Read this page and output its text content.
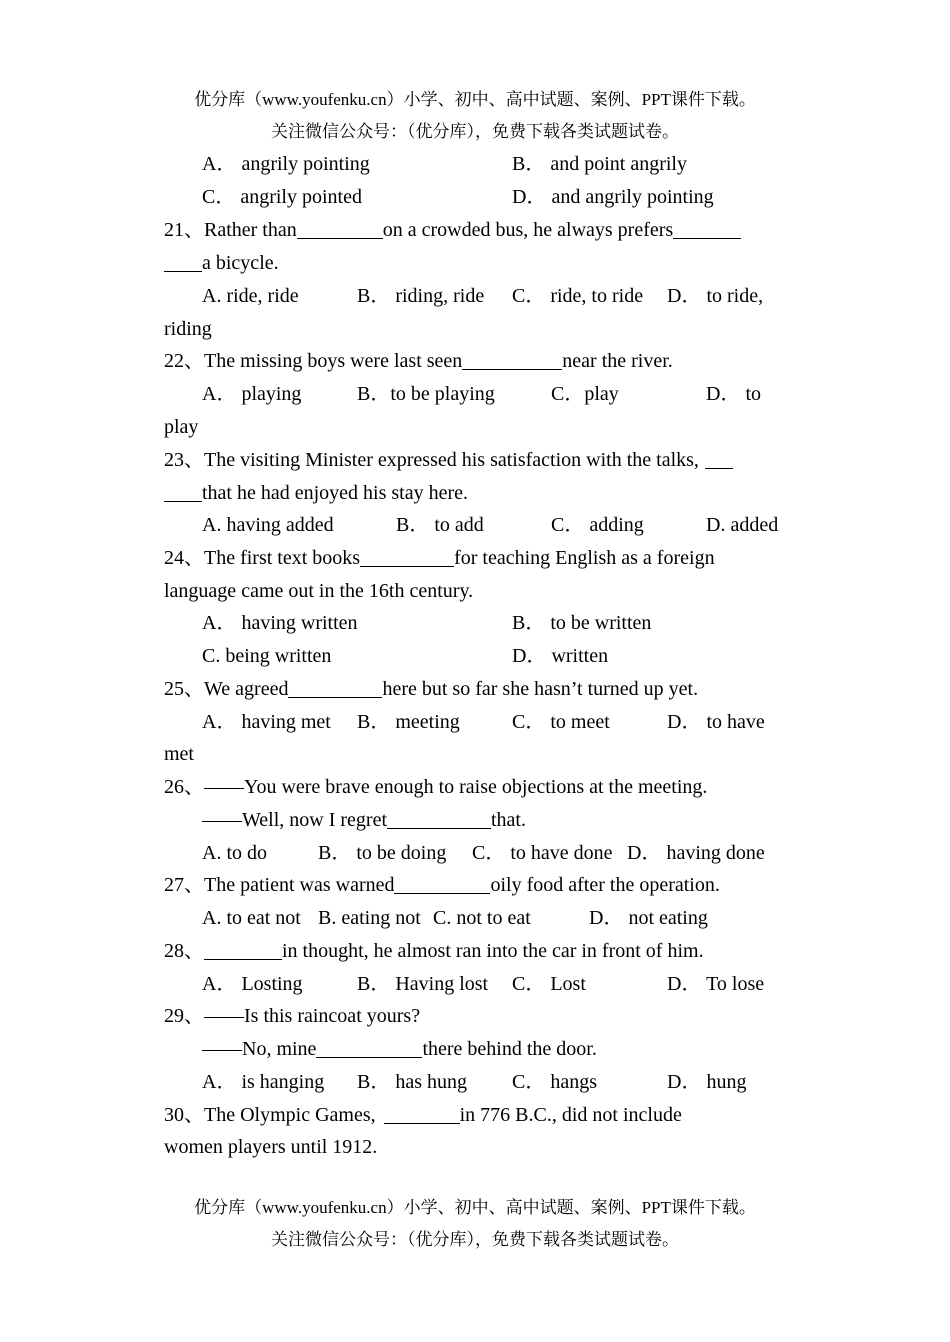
优分库（www.youfenku.cn）小学、初中、高中试题、案例、PPT课件下载。
关注微信公众号：（优分库），免费下载各类试题试卷。
A． angrily pointing	B． and point angrily
C． angrily pointed	D． and angrily pointing
21、Rather than	on a crowded bus, he always prefers
a bicycle.
A. ride, ride	B． riding, ride C． ride, to ride D． to ride,
riding
22、The missing boys were last seen	near the river.
A． playing	B．to be playing	C．play	D． to
play
23、The visiting Minister expressed his satisfaction with the talks,
that he had enjoyed his stay here.
A. having added	B． to add	C． adding	D. added
24、The first text books	for teaching English as a foreign
language came out in the 16th century.
A． having written	B． to be written
C. being written	D． written
25、We agreed	here but so far she hasn’t turned up yet.
A． having met B． meeting	C． to meet	D． to have
met
26、——You were brave enough to raise objections at the meeting.
——Well, now I regret	that.
A. to do	B． to be doing C． to have done D． having done
27、The patient was warned	oily food after the operation.
A. to eat not B. eating not C. not to eat	D． not eating
28、	in thought, he almost ran into the car in front of him.
A． Losting	B． Having lost C． Lost	D． To lose
29、——Is this raincoat yours?
——No, mine	there behind the door.
A． is hanging B． has hung C． hangs	D． hung
30、The Olympic Games,	in 776 B.C., did not include
women players until 1912.
优分库（www.youfenku.cn）小学、初中、高中试题、案例、PPT课件下载。
关注微信公众号：（优分库），免费下载各类试题试卷。
